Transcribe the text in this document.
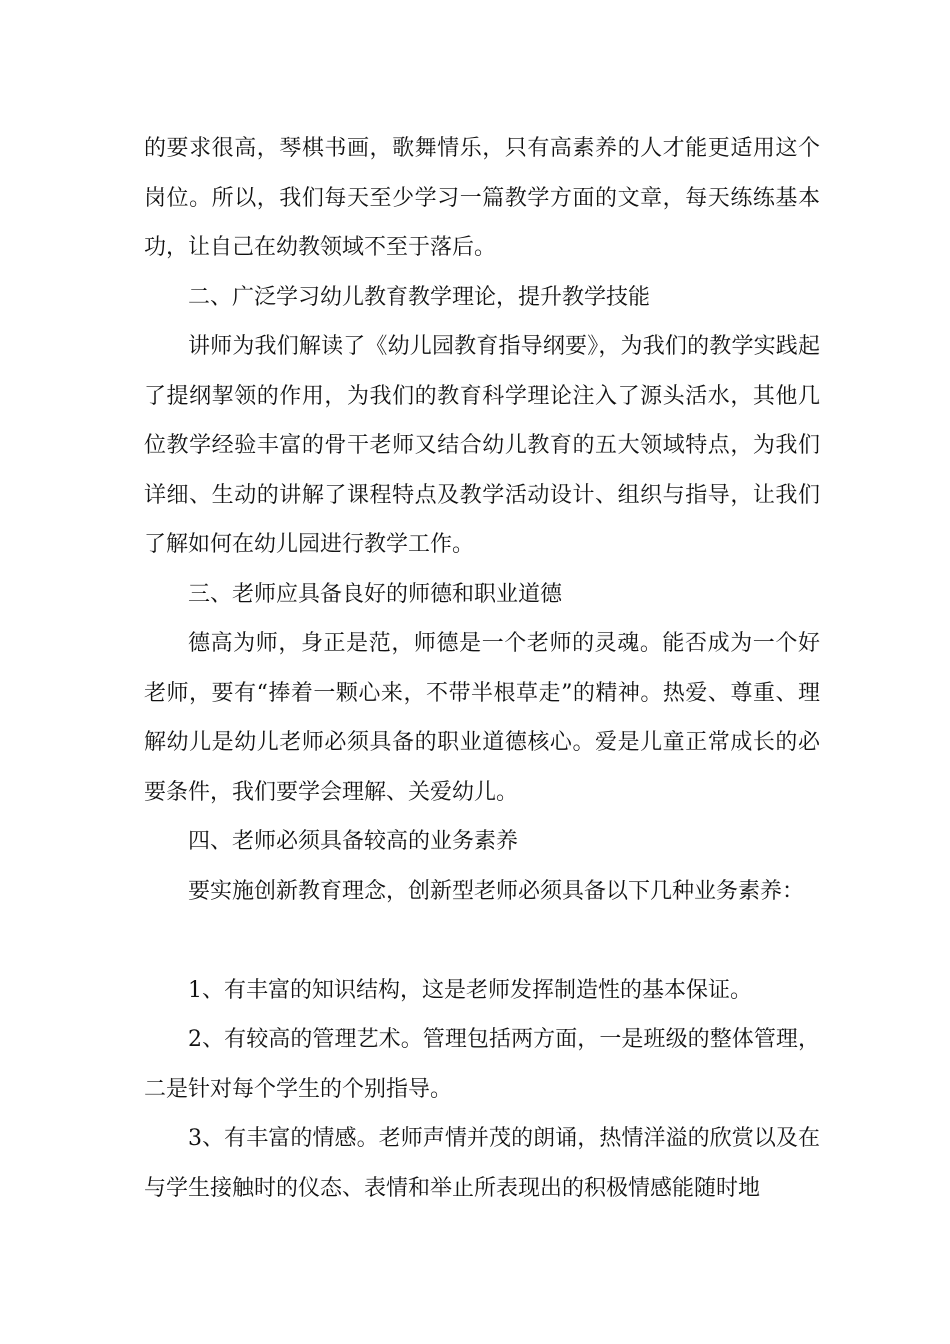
的要求很高，琴棋书画，歌舞情乐，只有高素养的人才能更适用这个岗位。所以，我们每天至少学习一篇教学方面的文章，每天练练基本功，让自己在幼教领域不至于落后。

二、广泛学习幼儿教育教学理论，提升教学技能

讲师为我们解读了《幼儿园教育指导纲要》，为我们的教学实践起了提纲挈领的作用，为我们的教育科学理论注入了源头活水，其他几位教学经验丰富的骨干老师又结合幼儿教育的五大领域特点，为我们详细、生动的讲解了课程特点及教学活动设计、组织与指导，让我们了解如何在幼儿园进行教学工作。

三、老师应具备良好的师德和职业道德

德高为师，身正是范，师德是一个老师的灵魂。能否成为一个好老师，要有“捧着一颗心来，不带半根草走”的精神。热爱、尊重、理解幼儿是幼儿老师必须具备的职业道德核心。爱是儿童正常成长的必要条件，我们要学会理解、关爱幼儿。

四、老师必须具备较高的业务素养

要实施创新教育理念，创新型老师必须具备以下几种业务素养：

1、有丰富的知识结构，这是老师发挥制造性的基本保证。

2、有较高的管理艺术。管理包括两方面，一是班级的整体管理，二是针对每个学生的个别指导。

3、有丰富的情感。老师声情并茂的朗诵，热情洋溢的欣赏以及在与学生接触时的仪态、表情和举止所表现出的积极情感能随时地
